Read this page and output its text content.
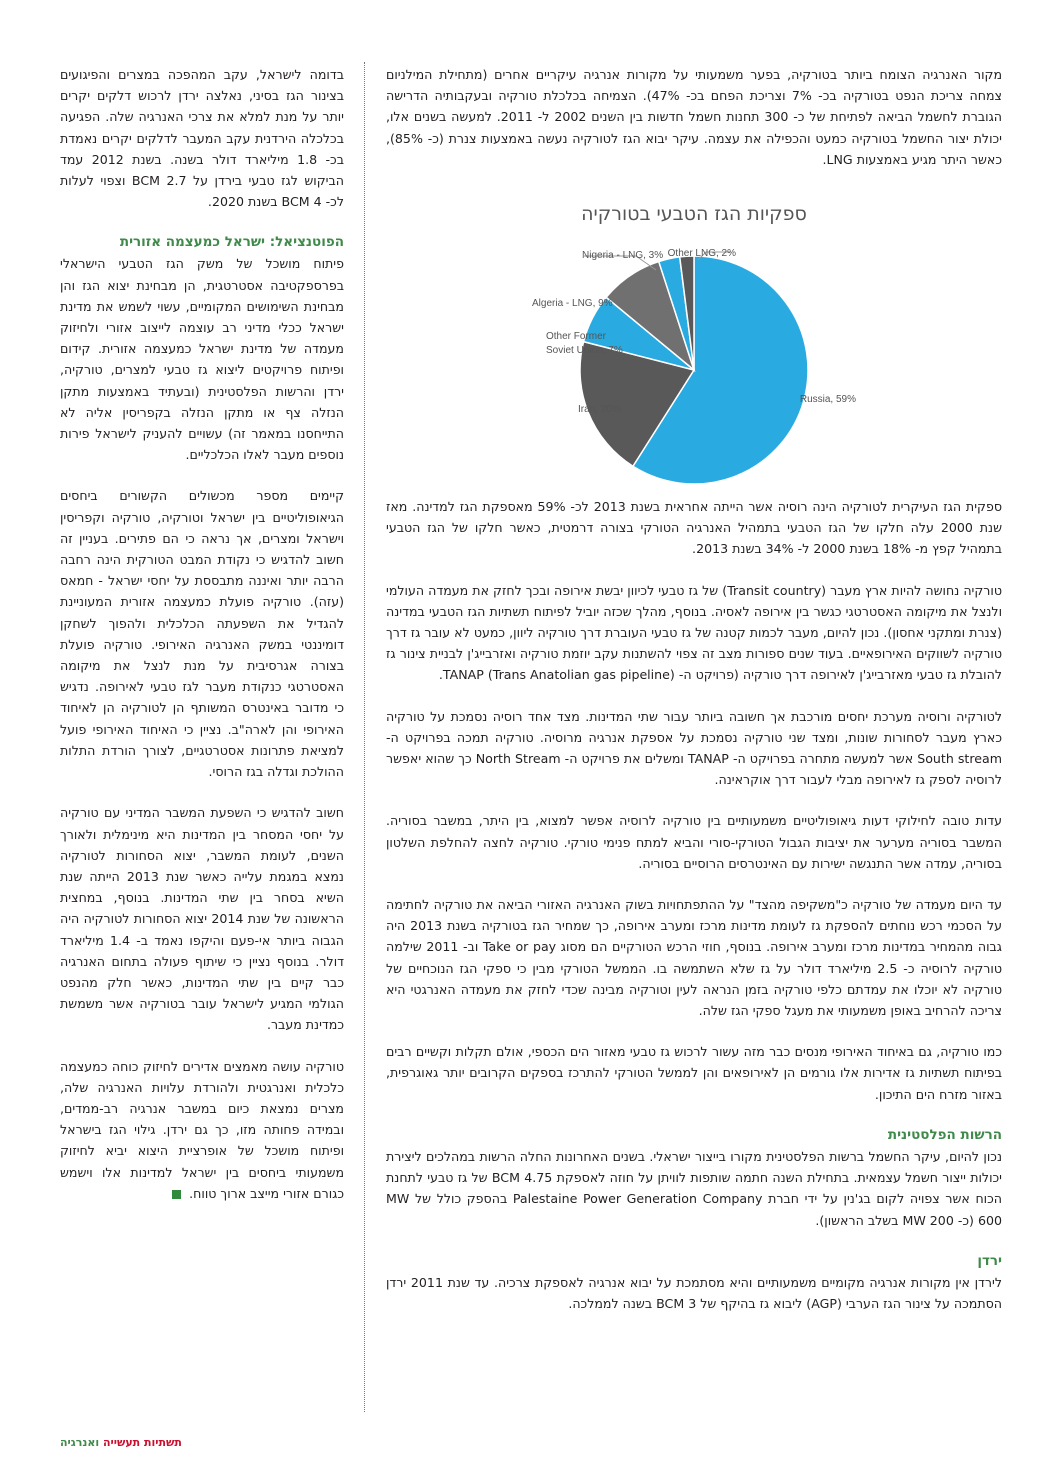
מקור האנרגיה הצומח ביותר בטורקיה, בפער משמעותי על מקורות אנרגיה עיקריים אחרים (מתחילת המילניום צמחה צריכת הנפט בטורקיה בכ- 7% וצריכת הפחם בכ- 47%). הצמיחה בכלכלת טורקיה ובעקבותיה הדרישה הגוברת לחשמל הביאה לפתיחת של כ- 300 תחנות חשמל חדשות בין השנים 2002 ל- 2011. למעשה בשנים אלו, יכולת יצור החשמל בטורקיה כמעט והכפילה את עצמה. עיקר יבוא הגז לטורקיה נעשה באמצעות צנרת (כ- 85%), כאשר היתר מגיע באמצעות LNG.

ספקיות הגז הטבעי בטורקיה
Russia, 59%
Iran, 20%
Other Former Soviet Union, 7%
Algeria - LNG, 9%
Nigeria - LNG, 3% Other LNG, 2%

ספקית הגז העיקרית לטורקיה הינה רוסיה אשר הייתה אחראית בשנת 2013 לכ- 59% מאספקת הגז למדינה. מאז שנת 2000 עלה חלקו של הגז הטבעי בתמהיל האנרגיה הטורקי בצורה דרמטית, כאשר חלקו של הגז הטבעי בתמהיל קפץ מ- 18% בשנת 2000 ל- 34% בשנת 2013.

טורקיה נחושה להיות ארץ מעבר (Transit country) של גז טבעי לכיוון יבשת אירופה ובכך לחזק את מעמדה העולמי ולנצל את מיקומה האסטרטגי כגשר בין אירופה לאסיה. בנוסף, מהלך שכזה יוביל לפיתוח תשתיות הגז הטבעי במדינה (צנרת ומתקני אחסון). נכון להיום, מעבר לכמות קטנה של גז טבעי העוברת דרך טורקיה ליוון, כמעט לא עובר גז דרך טורקיה לשווקים האירופאיים. בעוד שנים ספורות מצב זה צפוי להשתנות עקב יוזמת טורקיה ואזרבייג'ן לבניית צינור גז להובלת גז טבעי מאזרבייג'ן לאירופה דרך טורקיה (פרויקט ה- TANAP (Trans Anatolian gas pipeline).

לטורקיה ורוסיה מערכת יחסים מורכבת אך חשובה ביותר עבור שתי המדינות. מצד אחד רוסיה נסמכת על טורקיה כארץ מעבר לסחורות שונות, ומצד שני טורקיה נסמכת על אספקת אנרגיה מרוסיה. טורקיה תמכה בפרויקט ה- South stream אשר למעשה מתחרה בפרויקט ה- TANAP ומשלים את פרויקט ה- North Stream כך שהוא יאפשר לרוסיה לספק גז לאירופה מבלי לעבור דרך אוקראינה.

עדות טובה לחילוקי דעות גיאופוליטיים משמעותיים בין טורקיה לרוסיה אפשר למצוא, בין היתר, במשבר בסוריה. המשבר בסוריה מערער את יציבות הגבול הטורקי-סורי והביא למתח פנימי טורקי. טורקיה לחצה להחלפת השלטון בסוריה, עמדה אשר התנגשה ישירות עם האינטרסים הרוסיים בסוריה.

עד היום מעמדה של טורקיה כ"משקיפה מהצד" על ההתפתחויות בשוק האנרגיה האזורי הביאה את טורקיה לחתימה על הסכמי רכש נוחתים להספקת גז לעומת מדינות מרכז ומערב אירופה, כך שמחיר הגז בטורקיה בשנת 2013 היה גבוה מהמחיר במדינות מרכז ומערב אירופה. בנוסף, חוזי הרכש הטורקיים הם מסוג Take or pay וב- 2011 שילמה טורקיה לרוסיה כ- 2.5 מיליארד דולר על גז שלא השתמשה בו. הממשל הטורקי מבין כי ספקי הגז הנוכחיים של טורקיה לא יוכלו את עמדתם כלפי טורקיה בזמן הנראה לעין וטורקיה מבינה שכדי לחזק את מעמדה האנרגטי היא צריכה להרחיב באופן משמעותי את מעגל ספקי הגז שלה.

כמו טורקיה, גם באיחוד האירופי מנסים כבר מזה עשור לרכוש גז טבעי מאזור הים הכספי, אולם תקלות וקשיים רבים בפיתוח תשתיות גז אדירות אלו גורמים הן לאירופאים והן לממשל הטורקי להתרכז בספקים הקרובים יותר גאוגרפית, באזור מזרח הים התיכון.

הרשות הפלסטינית

נכון להיום, עיקר החשמל ברשות הפלסטינית מקורו בייצור ישראלי. בשנים האחרונות החלה הרשות במהלכים ליצירת יכולות ייצור חשמל עצמאית. בתחילת השנה חתמה שותפות לוויתן על חוזה לאספקת BCM 4.75 של גז טבעי לתחנת הכוח אשר צפויה לקום בג'נין על ידי חברת Palestaine Power Generation Company בהספק כולל של MW 600 (כ- MW 200 בשלב הראשון).

ירדן

לירדן אין מקורות אנרגיה מקומיים משמעותיים והיא מסתמכת על יבוא אנרגיה לאספקת צרכיה. עד שנת 2011 ירדן הסתמכה על צינור הגז הערבי (AGP) ליבוא גז בהיקף של BCM 3 בשנה לממלכה.

בדומה לישראל, עקב המהפכה במצרים והפיגועים בצינור הגז בסיני, נאלצה ירדן לרכוש דלקים יקרים יותר על מנת למלא את צרכי האנרגיה שלה. הפגיעה בכלכלה הירדנית עקב המעבר לדלקים יקרים נאמדת בכ- 1.8 מיליארד דולר בשנה. בשנת 2012 עמד הביקוש לגז טבעי בירדן על BCM 2.7 וצפוי לעלות לכ- BCM 4 בשנת 2020.

הפוטנציאל: ישראל כמעצמה אזורית

פיתוח מושכל של משק הגז הטבעי הישראלי בפרספקטיבה אסטרטגית, הן מבחינת יצוא הגז והן מבחינת השימושים המקומיים, עשוי לשמש את מדינת ישראל ככלי מדיני רב עוצמה לייצוב אזורי ולחיזוק מעמדה של מדינת ישראל כמעצמה אזורית. קידום ופיתוח פרויקטים ליצוא גז טבעי למצרים, טורקיה, ירדן והרשות הפלסטינית (ובעתיד באמצעות מתקן הנזלה צף או מתקן הנזלה בקפריסין אליה לא התייחסנו במאמר זה) עשויים להעניק לישראל פירות נוספים מעבר לאלו הכלכליים.

קיימים מספר מכשולים הקשורים ביחסים הגיאופוליטיים בין ישראל וטורקיה, טורקיה וקפריסין וישראל ומצרים, אך נראה כי הם פתירים. בעניין זה חשוב להדגיש כי נקודת המבט הטורקית הינה רחבה הרבה יותר ואיננה מתבססת על יחסי ישראל - חמאס (עזה). טורקיה פועלת כמעצמה אזורית המעוניינת להגדיל את השפעתה הכלכלית ולהפוך לשחקן דומיננטי במשק האנרגיה האירופי. טורקיה פועלת בצורה אגרסיבית על מנת לנצל את מיקומה האסטרטגי כנקודת מעבר לגז טבעי לאירופה. נדגיש כי מדובר באינטרס המשותף הן לטורקיה הן לאיחוד האירופי והן לארה"ב. נציין כי האיחוד האירופי פועל למציאת פתרונות אסטרטגיים, לצורך הורדת התלות ההולכת וגדלה בגז הרוסי.

חשוב להדגיש כי השפעת המשבר המדיני עם טורקיה על יחסי המסחר בין המדינות היא מינימלית ולאורך השנים, לעומת המשבר, יצוא הסחורות לטורקיה נמצא במגמת עלייה כאשר שנת 2013 הייתה שנת השיא בסחר בין שתי המדינות. בנוסף, במחצית הראשונה של שנת 2014 יצוא הסחורות לטורקיה היה הגבוה ביותר אי-פעם והיקפו נאמד ב- 1.4 מיליארד דולר. בנוסף נציין כי שיתוף פעולה בתחום האנרגיה כבר קיים בין שתי המדינות, כאשר חלק מהנפט הגולמי המגיע לישראל עובר בטורקיה אשר משמשת כמדינת מעבר.

טורקיה עושה מאמצים אדירים לחיזוק כוחה כמעצמה כלכלית ואנרגטית ולהורדת עלויות האנרגיה שלה, מצרים נמצאת כיום במשבר אנרגיה רב-ממדים, ובמידה פחותה מזו, כך גם ירדן. גילוי הגז בישראל ופיתוח מושכל של אופרציית היצוא יביא לחיזוק משמעותי ביחסים בין ישראל למדינות אלו וישמש כגורם אזורי מייצב ארוך טווח.

תשתיות תעשייה ואנרגיה
